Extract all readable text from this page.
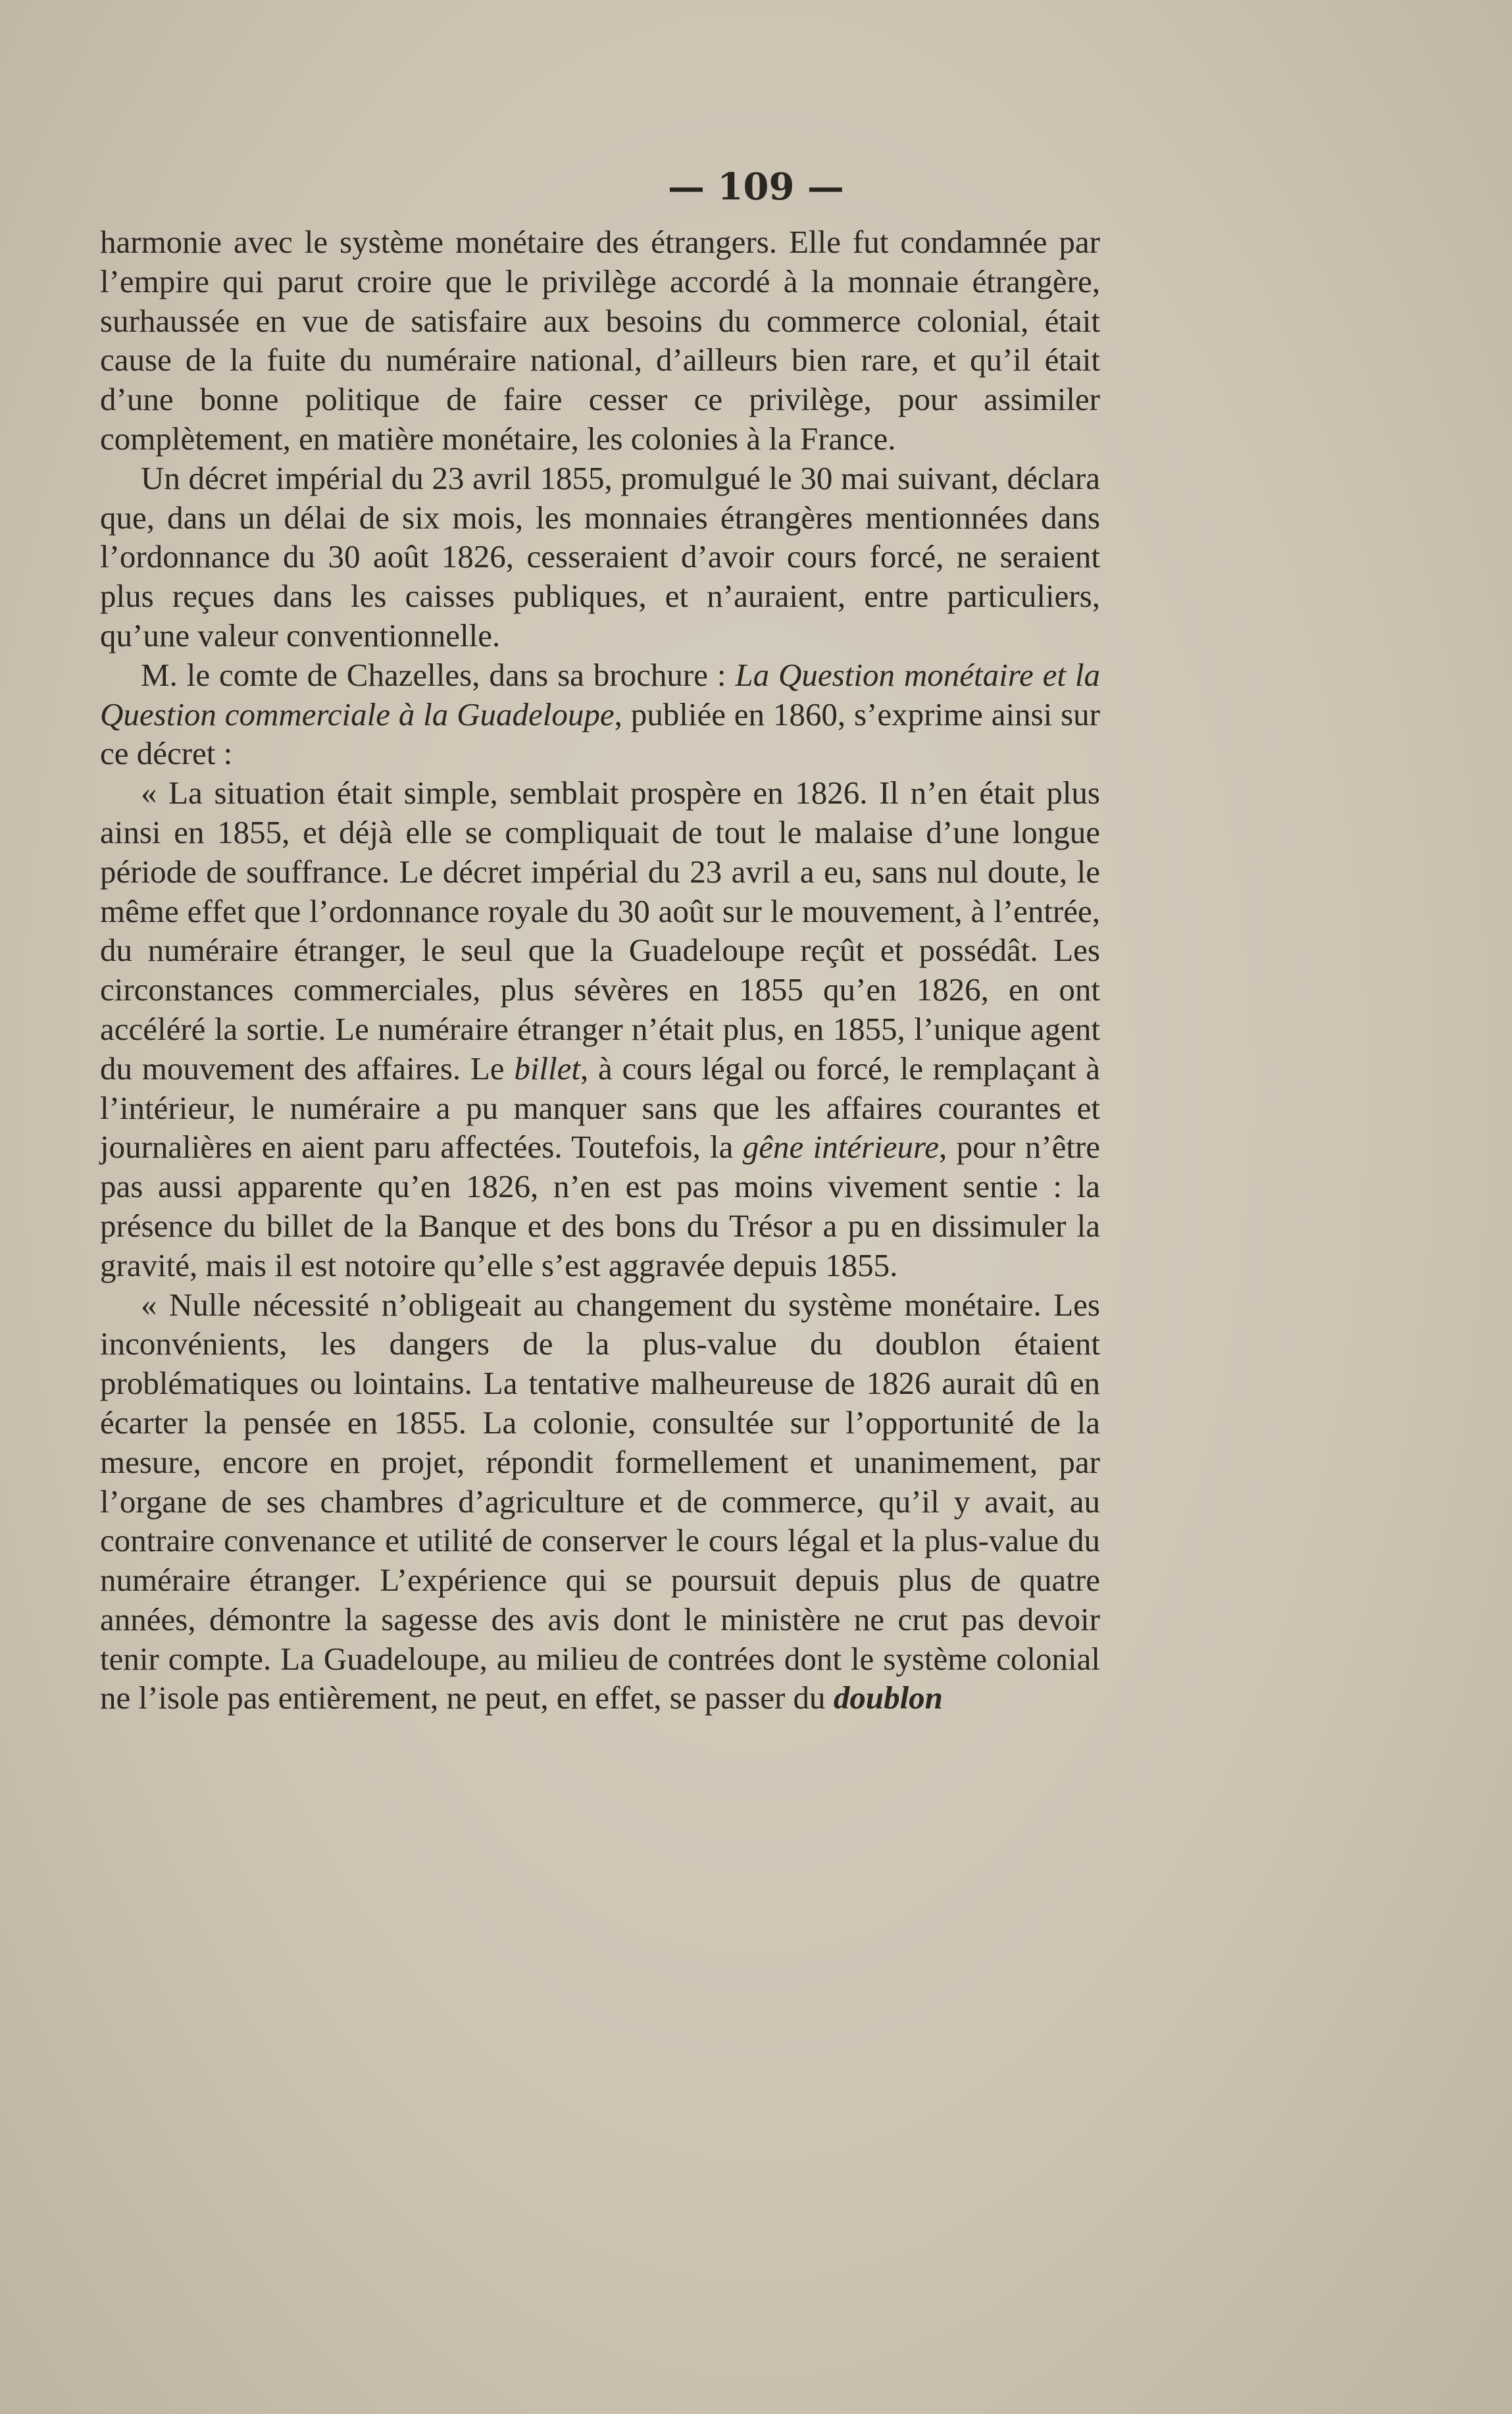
— 109 —

harmonie avec le système monétaire des étrangers. Elle fut condamnée par l’empire qui parut croire que le privilège accordé à la monnaie étrangère, surhaussée en vue de satisfaire aux besoins du commerce colonial, était cause de la fuite du numéraire national, d’ailleurs bien rare, et qu’il était d’une bonne politique de faire cesser ce privilège, pour assimiler complètement, en matière monétaire, les colonies à la France.

Un décret impérial du 23 avril 1855, promulgué le 30 mai suivant, déclara que, dans un délai de six mois, les monnaies étrangères mentionnées dans l’ordonnance du 30 août 1826, cesseraient d’avoir cours forcé, ne seraient plus reçues dans les caisses publiques, et n’auraient, entre particuliers, qu’une valeur conventionnelle.

M. le comte de Chazelles, dans sa brochure : La Question monétaire et la Question commerciale à la Guadeloupe, publiée en 1860, s’exprime ainsi sur ce décret :

« La situation était simple, semblait prospère en 1826. Il n’en était plus ainsi en 1855, et déjà elle se compliquait de tout le malaise d’une longue période de souffrance. Le décret impérial du 23 avril a eu, sans nul doute, le même effet que l’ordonnance royale du 30 août sur le mouvement, à l’entrée, du numéraire étranger, le seul que la Guadeloupe reçût et possédât. Les circonstances commerciales, plus sévères en 1855 qu’en 1826, en ont accéléré la sortie. Le numéraire étranger n’était plus, en 1855, l’unique agent du mouvement des affaires. Le billet, à cours légal ou forcé, le remplaçant à l’intérieur, le numéraire a pu manquer sans que les affaires courantes et journalières en aient paru affectées. Toutefois, la gêne intérieure, pour n’être pas aussi apparente qu’en 1826, n’en est pas moins vivement sentie : la présence du billet de la Banque et des bons du Trésor a pu en dissimuler la gravité, mais il est notoire qu’elle s’est aggravée depuis 1855.

« Nulle nécessité n’obligeait au changement du système monétaire. Les inconvénients, les dangers de la plus-value du doublon étaient problématiques ou lointains. La tentative malheureuse de 1826 aurait dû en écarter la pensée en 1855. La colonie, consultée sur l’opportunité de la mesure, encore en projet, répondit formellement et unanimement, par l’organe de ses chambres d’agriculture et de commerce, qu’il y avait, au contraire convenance et utilité de conserver le cours légal et la plus-value du numéraire étranger. L’expérience qui se poursuit depuis plus de quatre années, démontre la sagesse des avis dont le ministère ne crut pas devoir tenir compte. La Guadeloupe, au milieu de contrées dont le système colonial ne l’isole pas entièrement, ne peut, en effet, se passer du doublon
